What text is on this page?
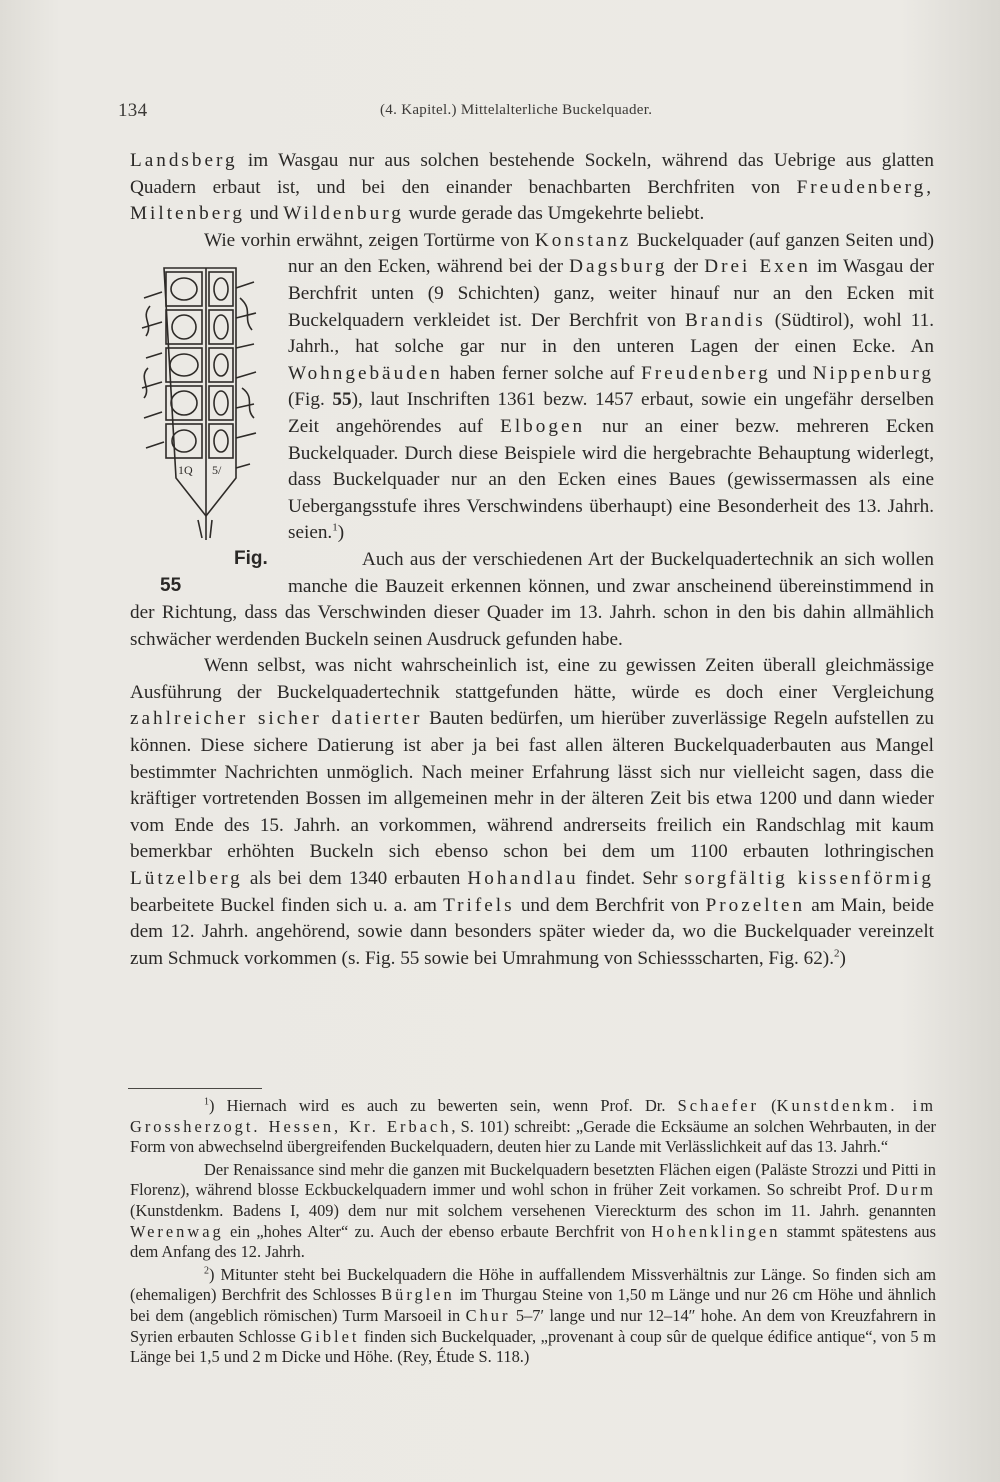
134	(4. Kapitel.) Mittelalterliche Buckelquader.

Landsberg im Wasgau nur aus solchen bestehende Sockeln, während das Uebrige aus glatten Quadern erbaut ist, und bei den einander benachbarten Berchfriten von Freudenberg, Miltenberg und Wildenburg wurde gerade das Umgekehrte beliebt.

Wie vorhin erwähnt, zeigen Tortürme von Konstanz Buckelquader (auf ganzen Seiten und) nur an den Ecken, während bei der Dagsburg der Drei Exen
1Q 5/
Fig. 55
im Wasgau der Berchfrit unten (9 Schichten) ganz, weiter hinauf nur an den Ecken mit Buckelquadern verkleidet ist. Der Berchfrit von Brandis (Südtirol), wohl 11. Jahrh., hat solche gar nur in den unteren Lagen der einen Ecke. An Wohngebäuden haben ferner solche auf Freudenberg und Nippenburg (Fig. 55), laut Inschriften 1361 bezw. 1457 erbaut, sowie ein ungefähr derselben Zeit angehörendes auf Elbogen nur an einer bezw. mehreren Ecken Buckelquader. Durch diese Beispiele wird die hergebrachte Behauptung widerlegt, dass Buckelquader nur an den Ecken eines Baues (gewissermassen als eine Uebergangsstufe ihres Verschwindens überhaupt) eine Besonderheit des 13. Jahrh. seien.$^1$)

Auch aus der verschiedenen Art der Buckelquadertechnik an sich wollen manche die Bauzeit erkennen können, und zwar anscheinend übereinstimmend in der Richtung, dass das Verschwinden dieser Quader im 13. Jahrh. schon in den bis dahin allmählich schwächer werdenden Buckeln seinen Ausdruck gefunden habe.

Wenn selbst, was nicht wahrscheinlich ist, eine zu gewissen Zeiten überall gleichmässige Ausführung der Buckelquadertechnik stattgefunden hätte, würde es doch einer Vergleichung zahlreicher sicher datierter Bauten bedürfen, um hierüber zuverlässige Regeln aufstellen zu können. Diese sichere Datierung ist aber ja bei fast allen älteren Buckelquaderbauten aus Mangel bestimmter Nachrichten unmöglich. Nach meiner Erfahrung lässt sich nur vielleicht sagen, dass die kräftiger vortretenden Bossen im allgemeinen mehr in der älteren Zeit bis etwa 1200 und dann wieder vom Ende des 15. Jahrh. an vorkommen, während andrerseits freilich ein Randschlag mit kaum bemerkbar erhöhten Buckeln sich ebenso schon bei dem um 1100 erbauten lothringischen Lützelberg als bei dem 1340 erbauten Hohandlau findet. Sehr sorgfältig kissenförmig bearbeitete Buckel finden sich u. a. am Trifels und dem Berchfrit von Prozelten am Main, beide dem 12. Jahrh. angehörend, sowie dann besonders später wieder da, wo die Buckelquader vereinzelt zum Schmuck vorkommen (s. Fig. 55 sowie bei Umrahmung von Schiessscharten, Fig. 62).$^2$)

$^1$) Hiernach wird es auch zu bewerten sein, wenn Prof. Dr. Schaefer (Kunstdenkm. im Grossherzogt. Hessen, Kr. Erbach, S. 101) schreibt: „Gerade die Ecksäume an solchen Wehrbauten, in der Form von abwechselnd übergreifenden Buckelquadern, deuten hier zu Lande mit Verlässlichkeit auf das 13. Jahrh.“

Der Renaissance sind mehr die ganzen mit Buckelquadern besetzten Flächen eigen (Paläste Strozzi und Pitti in Florenz), während blosse Eckbuckelquadern immer und wohl schon in früher Zeit vorkamen. So schreibt Prof. Durm (Kunstdenkm. Badens I, 409) dem nur mit solchem versehenen Viereckturm des schon im 11. Jahrh. genannten Werenwag ein „hohes Alter“ zu. Auch der ebenso erbaute Berchfrit von Hohenklingen stammt spätestens aus dem Anfang des 12. Jahrh.

$^2$) Mitunter steht bei Buckelquadern die Höhe in auffallendem Missverhältnis zur Länge. So finden sich am (ehemaligen) Berchfrit des Schlosses Bürglen im Thurgau Steine von 1,50 m Länge und nur 26 cm Höhe und ähnlich bei dem (angeblich römischen) Turm Marsoeil in Chur 5–7′ lange und nur 12–14″ hohe. An dem von Kreuzfahrern in Syrien erbauten Schlosse Giblet finden sich Buckelquader, „provenant à coup sûr de quelque édifice antique“, von 5 m Länge bei 1,5 und 2 m Dicke und Höhe. (Rey, Étude S. 118.)
